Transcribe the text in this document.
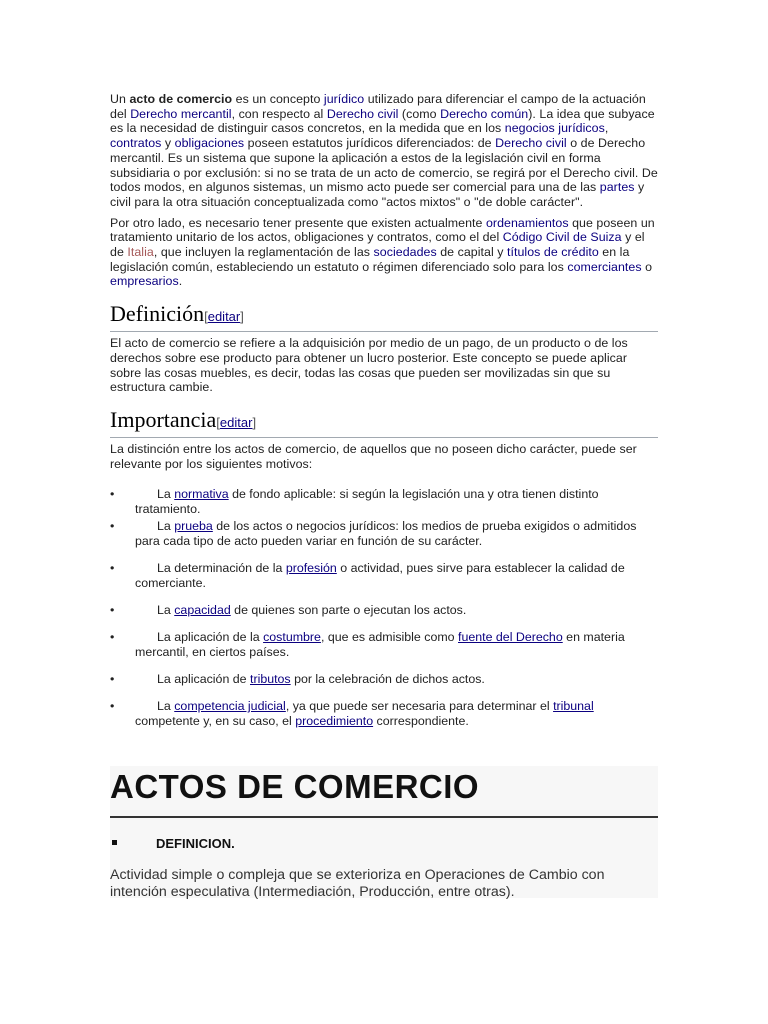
Un acto de comercio es un concepto jurídico utilizado para diferenciar el campo de la actuación del Derecho mercantil, con respecto al Derecho civil (como Derecho común). La idea que subyace es la necesidad de distinguir casos concretos, en la medida que en los negocios jurídicos, contratos y obligaciones poseen estatutos jurídicos diferenciados: de Derecho civil o de Derecho mercantil. Es un sistema que supone la aplicación a estos de la legislación civil en forma subsidiaria o por exclusión: si no se trata de un acto de comercio, se regirá por el Derecho civil. De todos modos, en algunos sistemas, un mismo acto puede ser comercial para una de las partes y civil para la otra situación conceptualizada como "actos mixtos" o "de doble carácter".

Por otro lado, es necesario tener presente que existen actualmente ordenamientos que poseen un tratamiento unitario de los actos, obligaciones y contratos, como el del Código Civil de Suiza y el de Italia, que incluyen la reglamentación de las sociedades de capital y títulos de crédito en la legislación común, estableciendo un estatuto o régimen diferenciado solo para los comerciantes o empresarios.

Definición[editar]

El acto de comercio se refiere a la adquisición por medio de un pago, de un producto o de los derechos sobre ese producto para obtener un lucro posterior. Este concepto se puede aplicar sobre las cosas muebles, es decir, todas las cosas que pueden ser movilizadas sin que su estructura cambie.

Importancia[editar]

La distinción entre los actos de comercio, de aquellos que no poseen dicho carácter, puede ser relevante por los siguientes motivos:

•	La normativa de fondo aplicable: si según la legislación una y otra tienen distinto tratamiento.
•	La prueba de los actos o negocios jurídicos: los medios de prueba exigidos o admitidos para cada tipo de acto pueden variar en función de su carácter.
•	La determinación de la profesión o actividad, pues sirve para establecer la calidad de comerciante.
•	La capacidad de quienes son parte o ejecutan los actos.
•	La aplicación de la costumbre, que es admisible como fuente del Derecho en materia mercantil, en ciertos países.
•	La aplicación de tributos por la celebración de dichos actos.
•	La competencia judicial, ya que puede ser necesaria para determinar el tribunal competente y, en su caso, el procedimiento correspondiente.
ACTOS DE COMERCIO
DEFINICION.
Actividad simple o compleja que se exterioriza en Operaciones de Cambio con intención especulativa (Intermediación, Producción, entre otras).
